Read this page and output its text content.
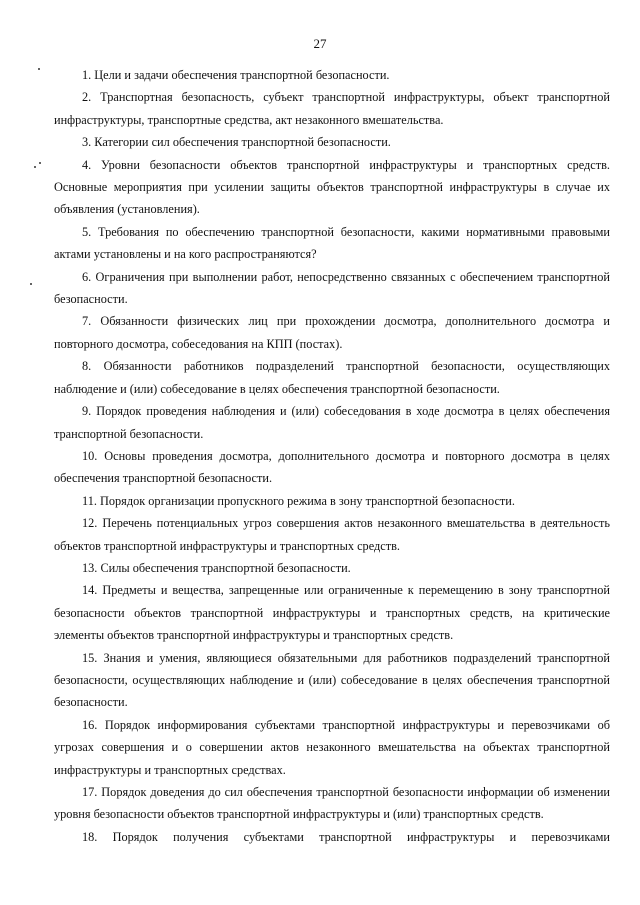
27

1. Цели и задачи обеспечения транспортной безопасности.

2. Транспортная безопасность, субъект транспортной инфраструктуры, объект транспортной инфраструктуры, транспортные средства, акт незаконного вмешательства.

3. Категории сил обеспечения транспортной безопасности.

4. Уровни безопасности объектов транспортной инфраструктуры и транспортных средств. Основные мероприятия при усилении защиты объектов транспортной инфраструктуры в случае их объявления (установления).

5. Требования по обеспечению транспортной безопасности, какими нормативными правовыми актами установлены и на кого распространяются?

6. Ограничения при выполнении работ, непосредственно связанных с обеспечением транспортной безопасности.

7. Обязанности физических лиц при прохождении досмотра, дополнительного досмотра и повторного досмотра, собеседования на КПП (постах).

8. Обязанности работников подразделений транспортной безопасности, осуществляющих наблюдение и (или) собеседование в целях обеспечения транспортной безопасности.

9. Порядок проведения наблюдения и (или) собеседования в ходе досмотра в целях обеспечения транспортной безопасности.

10. Основы проведения досмотра, дополнительного досмотра и повторного досмотра в целях обеспечения транспортной безопасности.

11. Порядок организации пропускного режима в зону транспортной безопасности.

12. Перечень потенциальных угроз совершения актов незаконного вмешательства в деятельность объектов транспортной инфраструктуры и транспортных средств.

13. Силы обеспечения транспортной безопасности.

14. Предметы и вещества, запрещенные или ограниченные к перемещению в зону транспортной безопасности объектов транспортной инфраструктуры и транспортных средств, на критические элементы объектов транспортной инфраструктуры и транспортных средств.

15. Знания и умения, являющиеся обязательными для работников подразделений транспортной безопасности, осуществляющих наблюдение и (или) собеседование в целях обеспечения транспортной безопасности.

16. Порядок информирования субъектами транспортной инфраструктуры и перевозчиками об угрозах совершения и о совершении актов незаконного вмешательства на объектах транспортной инфраструктуры и транспортных средствах.

17. Порядок доведения до сил обеспечения транспортной безопасности информации об изменении уровня безопасности объектов транспортной инфраструктуры и (или) транспортных средств.

18. Порядок получения субъектами транспортной инфраструктуры и перевозчиками
